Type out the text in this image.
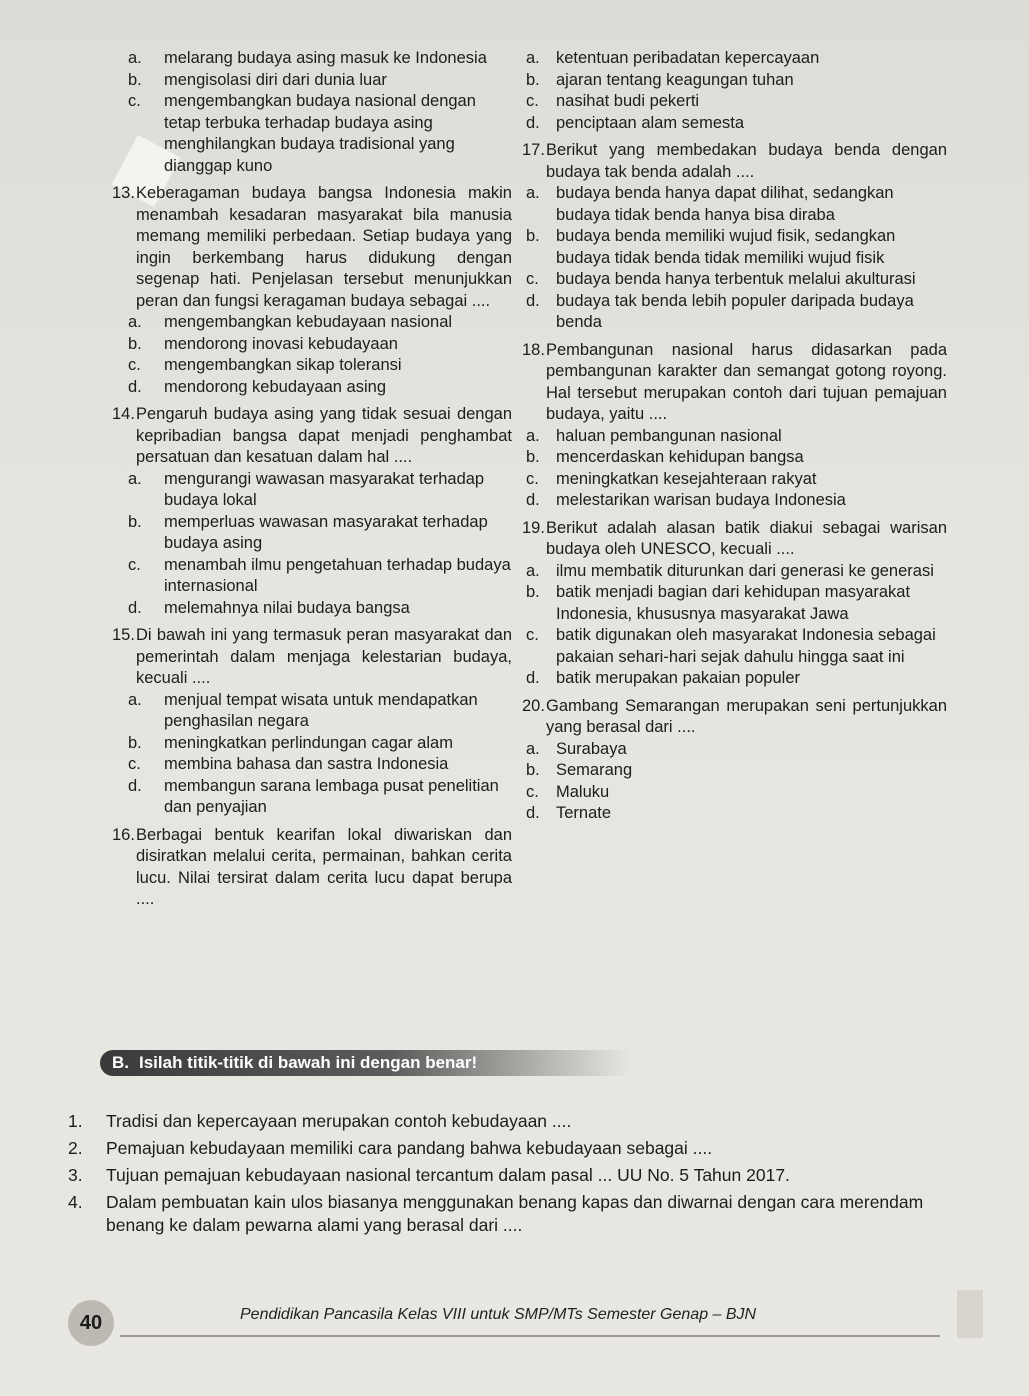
a.	melarang budaya asing masuk ke Indonesia
b.	mengisolasi diri dari dunia luar
c.	mengembangkan budaya nasional dengan tetap terbuka terhadap budaya asing menghilangkan budaya tradisional yang dianggap kuno
13. Keberagaman budaya bangsa Indonesia makin menambah kesadaran masyarakat bila manusia memang memiliki perbedaan. Setiap budaya yang ingin berkembang harus didukung dengan segenap hati. Penjelasan tersebut menunjukkan peran dan fungsi keragaman budaya sebagai ....
a.	mengembangkan kebudayaan nasional
b.	mendorong inovasi kebudayaan
c.	mengembangkan sikap toleransi
d.	mendorong kebudayaan asing
14. Pengaruh budaya asing yang tidak sesuai dengan kepribadian bangsa dapat menjadi penghambat persatuan dan kesatuan dalam hal ....
a.	mengurangi wawasan masyarakat terhadap budaya lokal
b.	memperluas wawasan masyarakat terhadap budaya asing
c.	menambah ilmu pengetahuan terhadap budaya internasional
d.	melemahnya nilai budaya bangsa
15. Di bawah ini yang termasuk peran masyarakat dan pemerintah dalam menjaga kelestarian budaya, kecuali ....
a.	menjual tempat wisata untuk mendapatkan penghasilan negara
b.	meningkatkan perlindungan cagar alam
c.	membina bahasa dan sastra Indonesia
d.	membangun sarana lembaga pusat penelitian dan penyajian
16. Berbagai bentuk kearifan lokal diwariskan dan disiratkan melalui cerita, permainan, bahkan cerita lucu. Nilai tersirat dalam cerita lucu dapat berupa ....
a. ketentuan peribadatan kepercayaan
b. ajaran tentang keagungan tuhan
c.	nasihat budi pekerti
d. penciptaan alam semesta
17. Berikut yang membedakan budaya benda dengan budaya tak benda adalah ....
a. budaya benda hanya dapat dilihat, sedangkan budaya tidak benda hanya bisa diraba
b. budaya benda memiliki wujud fisik, sedangkan budaya tidak benda tidak memiliki wujud fisik
c.	budaya benda hanya terbentuk melalui akulturasi
d. budaya tak benda lebih populer daripada budaya benda
18. Pembangunan nasional harus didasarkan pada pembangunan karakter dan semangat gotong royong. Hal tersebut merupakan contoh dari tujuan pemajuan budaya, yaitu ....
a. haluan pembangunan nasional
b. mencerdaskan kehidupan bangsa
c.	meningkatkan kesejahteraan rakyat
d. melestarikan warisan budaya Indonesia
19. Berikut adalah alasan batik diakui sebagai warisan budaya oleh UNESCO, kecuali ....
a. ilmu membatik diturunkan dari generasi ke generasi
b. batik menjadi bagian dari kehidupan masyarakat Indonesia, khususnya masyarakat Jawa
c.	batik digunakan oleh masyarakat Indonesia sebagai pakaian sehari-hari sejak dahulu hingga saat ini
d. batik merupakan pakaian populer
20. Gambang Semarangan merupakan seni pertunjukkan yang berasal dari ....
a. Surabaya
b. Semarang
c.	Maluku
d. Ternate
B. Isilah titik-titik di bawah ini dengan benar!
1.	Tradisi dan kepercayaan merupakan contoh kebudayaan ....
2.	Pemajuan kebudayaan memiliki cara pandang bahwa kebudayaan sebagai ....
3.	Tujuan pemajuan kebudayaan nasional tercantum dalam pasal ... UU No. 5 Tahun 2017.
4.	Dalam pembuatan kain ulos biasanya menggunakan benang kapas dan diwarnai dengan cara merendam benang ke dalam pewarna alami yang berasal dari ....
40	Pendidikan Pancasila Kelas VIII untuk SMP/MTs Semester Genap – BJN
